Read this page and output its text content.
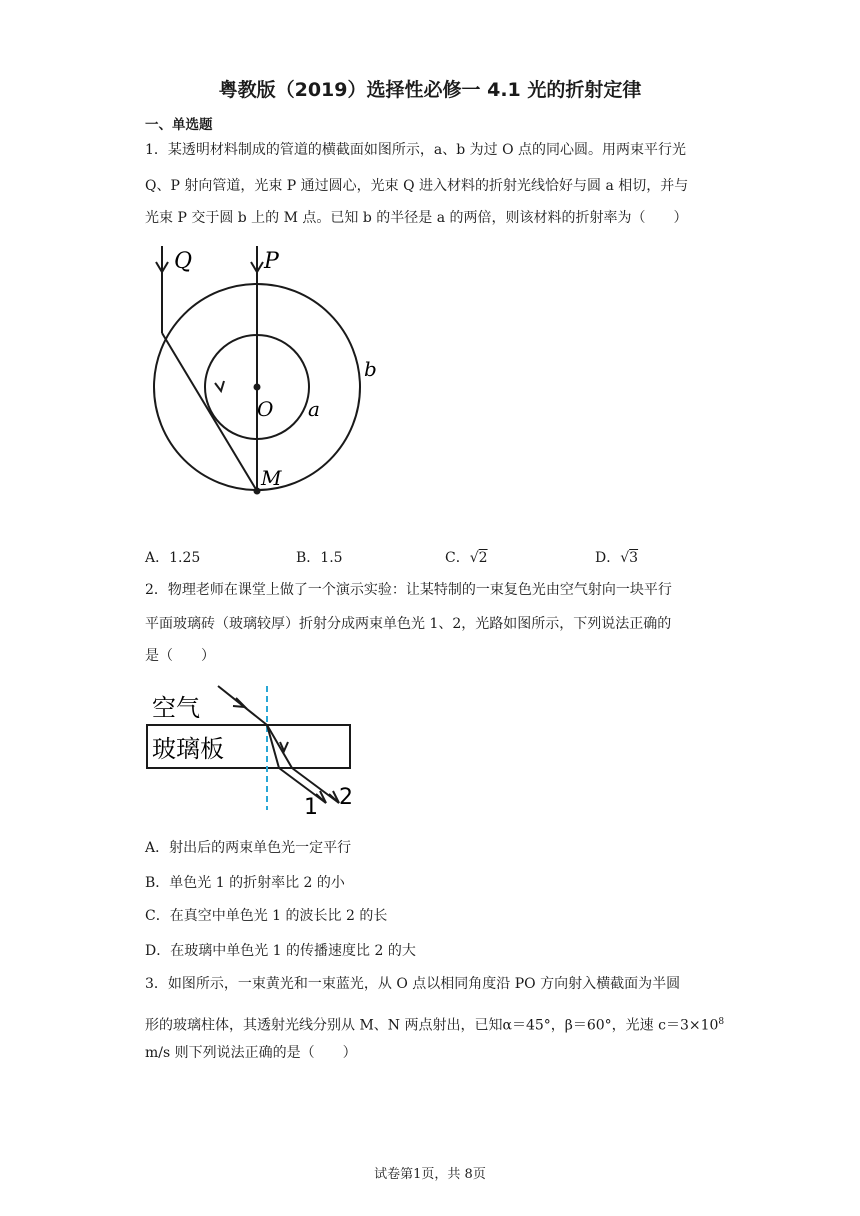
粤教版（2019）选择性必修一 4.1 光的折射定律
一、单选题
1．某透明材料制成的管道的横截面如图所示，a、b 为过 O 点的同心圆。用两束平行光
Q、P 射向管道，光束 P 通过圆心，光束 Q 进入材料的折射光线恰好与圆 a 相切，并与
光束 P 交于圆 b 上的 M 点。已知 b 的半径是 a 的两倍，则该材料的折射率为（　　）
Q	P
O a
b
M
A．1.25	B．1.5	C．√2	D．√3
2．物理老师在课堂上做了一个演示实验：让某特制的一束复色光由空气射向一块平行
平面玻璃砖（玻璃较厚）折射分成两束单色光 1、2，光路如图所示，下列说法正确的
是（　　）
空气
玻璃板
1 2
A．射出后的两束单色光一定平行
B．单色光 1 的折射率比 2 的小
C．在真空中单色光 1 的波长比 2 的长
D．在玻璃中单色光 1 的传播速度比 2 的大
3．如图所示，一束黄光和一束蓝光，从 O 点以相同角度沿 PO 方向射入横截面为半圆
形的玻璃柱体，其透射光线分别从 M、N 两点射出，已知α＝45°，β＝60°，光速 $c=3\times 10^8$
m/s 则下列说法正确的是（　　）
试卷第1页，共 8页
